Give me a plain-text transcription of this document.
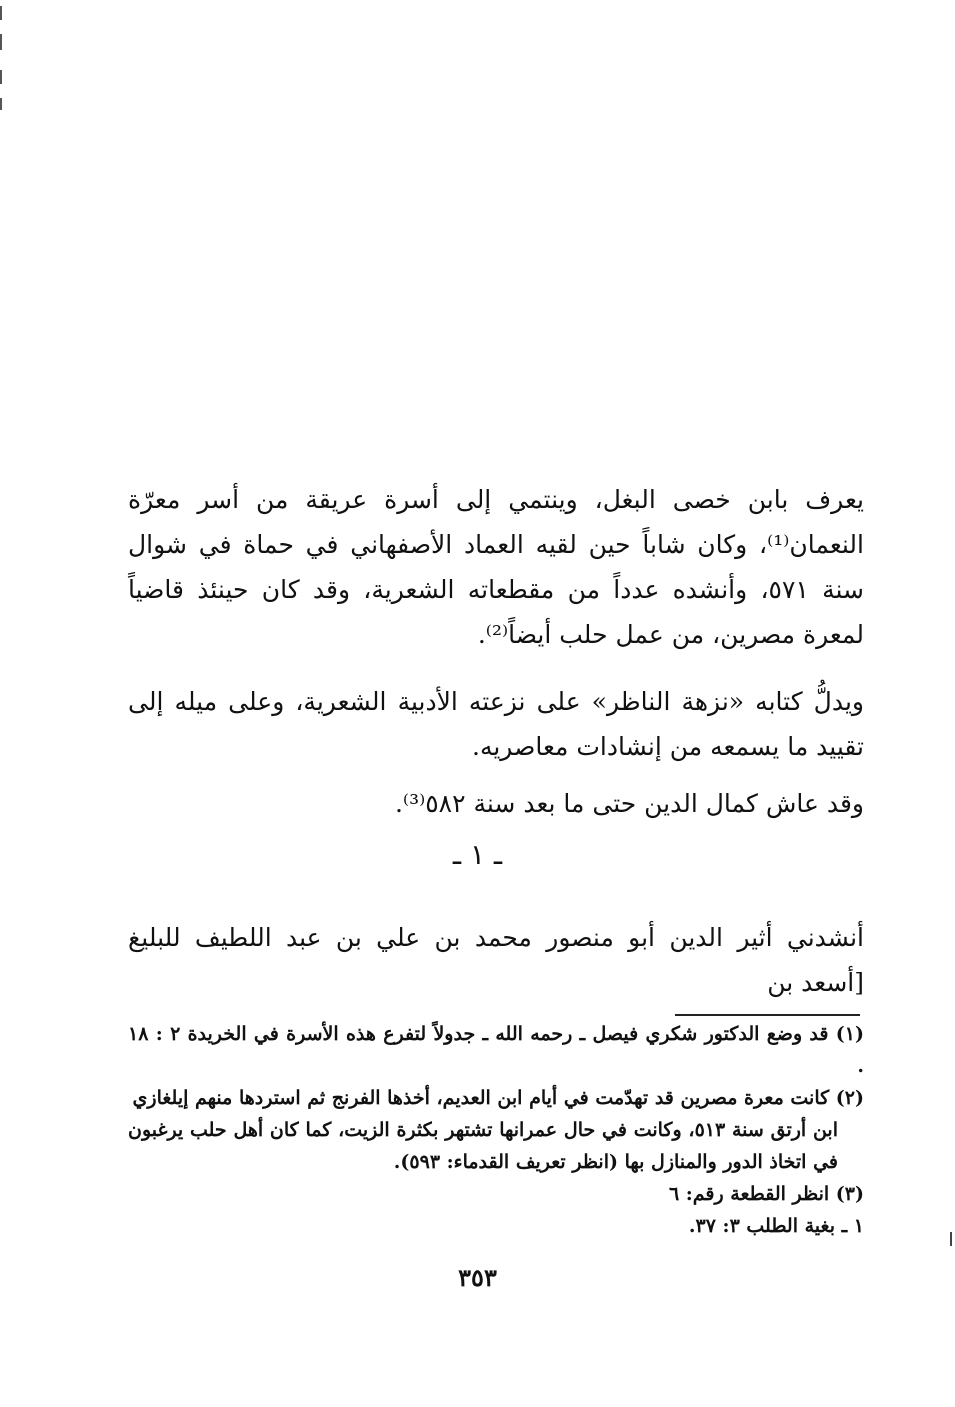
يعرف بابن خصى البغل، وينتمي إلى أسرة عريقة من أسر معرّة النعمان⁽¹⁾، وكان شاباً حين لقيه العماد الأصفهاني في حماة في شوال سنة ٥٧١، وأنشده عدداً من مقطعاته الشعرية، وقد كان حينئذ قاضياً لمعرة مصرين، من عمل حلب أيضاً⁽²⁾.

ويدلُّ كتابه «نزهة الناظر» على نزعته الأدبية الشعرية، وعلى ميله إلى تقييد ما يسمعه من إنشادات معاصريه.

وقد عاش كمال الدين حتى ما بعد سنة ٥٨٢⁽³⁾.

ـ ١ ـ

أنشدني أثير الدين أبو منصور محمد بن علي بن عبد اللطيف للبليغ [أسعد بن

(١) قد وضع الدكتور شكري فيصل ـ رحمه الله ـ جدولاً لتفرع هذه الأسرة في الخريدة ٢ : ١٨ .

(٢) كانت معرة مصرين قد تهدّمت في أيام ابن العديم، أخذها الفرنج ثم استردها منهم إيلغازي

ابن أرتق سنة ٥١٣، وكانت في حال عمرانها تشتهر بكثرة الزيت، كما كان أهل حلب يرغبون في اتخاذ الدور والمنازل بها (انظر تعريف القدماء: ٥٩٣).

(٣) انظر القطعة رقم: ٦

١ ـ بغية الطلب ٣: ٣٧.

٣٥٣
